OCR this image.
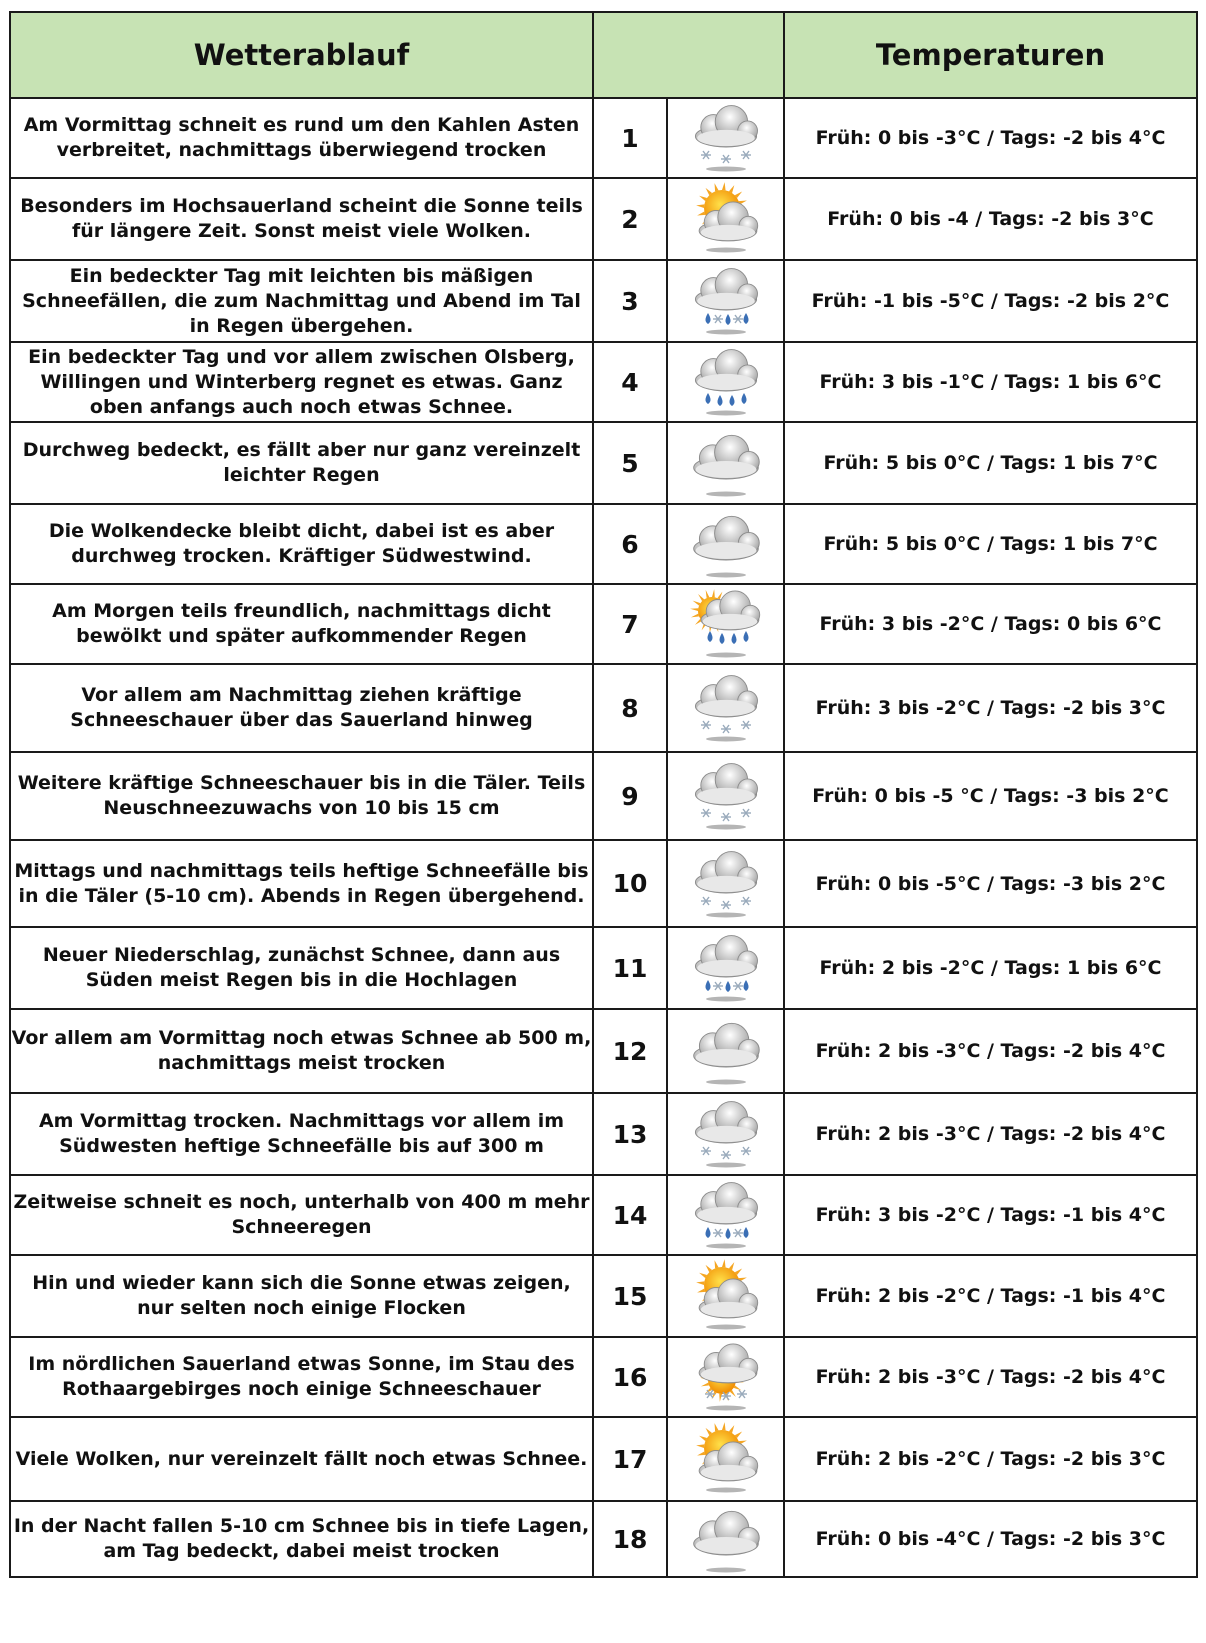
Wetterablauf			Temperaturen
Am Vormittag schneit es rund um den Kahlen Asten verbreitet, nachmittags überwiegend trocken	1		Früh: 0 bis -3°C / Tags: -2 bis 4°C
Besonders im Hochsauerland scheint die Sonne teils für längere Zeit. Sonst meist viele Wolken.	2		Früh: 0 bis -4 / Tags: -2 bis 3°C
Ein bedeckter Tag mit leichten bis mäßigen Schneefällen, die zum Nachmittag und Abend im Tal in Regen übergehen.	3		Früh: -1 bis -5°C / Tags: -2 bis 2°C
Ein bedeckter Tag und vor allem zwischen Olsberg, Willingen und Winterberg regnet es etwas. Ganz oben anfangs auch noch etwas Schnee.	4		Früh: 3 bis -1°C / Tags: 1 bis 6°C
Durchweg bedeckt, es fällt aber nur ganz vereinzelt leichter Regen	5		Früh: 5 bis 0°C / Tags: 1 bis 7°C
Die Wolkendecke bleibt dicht, dabei ist es aber durchweg trocken. Kräftiger Südwestwind.	6		Früh: 5 bis 0°C / Tags: 1 bis 7°C
Am Morgen teils freundlich, nachmittags dicht bewölkt und später aufkommender Regen	7		Früh: 3 bis -2°C / Tags: 0 bis 6°C
Vor allem am Nachmittag ziehen kräftige Schneeschauer über das Sauerland hinweg	8		Früh: 3 bis -2°C / Tags: -2 bis 3°C
Weitere kräftige Schneeschauer bis in die Täler. Teils Neuschneezuwachs von 10 bis 15 cm	9		Früh: 0 bis -5 °C / Tags: -3 bis 2°C
Mittags und nachmittags teils heftige Schneefälle bis in die Täler (5-10 cm). Abends in Regen übergehend.	10		Früh: 0 bis -5°C / Tags: -3 bis 2°C
Neuer Niederschlag, zunächst Schnee, dann aus Süden meist Regen bis in die Hochlagen	11		Früh: 2 bis -2°C / Tags: 1 bis 6°C
Vor allem am Vormittag noch etwas Schnee ab 500 m, nachmittags meist trocken	12		Früh: 2 bis -3°C / Tags: -2 bis 4°C
Am Vormittag trocken. Nachmittags vor allem im Südwesten heftige Schneefälle bis auf 300 m	13		Früh: 2 bis -3°C / Tags: -2 bis 4°C
Zeitweise schneit es noch, unterhalb von 400 m mehr Schneeregen	14		Früh: 3 bis -2°C / Tags: -1 bis 4°C
Hin und wieder kann sich die Sonne etwas zeigen, nur selten noch einige Flocken	15		Früh: 2 bis -2°C / Tags: -1 bis 4°C
Im nördlichen Sauerland etwas Sonne, im Stau des Rothaargebirges noch einige Schneeschauer	16		Früh: 2 bis -3°C / Tags: -2 bis 4°C
Viele Wolken, nur vereinzelt fällt noch etwas Schnee.	17		Früh: 2 bis -2°C / Tags: -2 bis 3°C
In der Nacht fallen 5-10 cm Schnee bis in tiefe Lagen, am Tag bedeckt, dabei meist trocken	18		Früh: 0 bis -4°C / Tags: -2 bis 3°C
